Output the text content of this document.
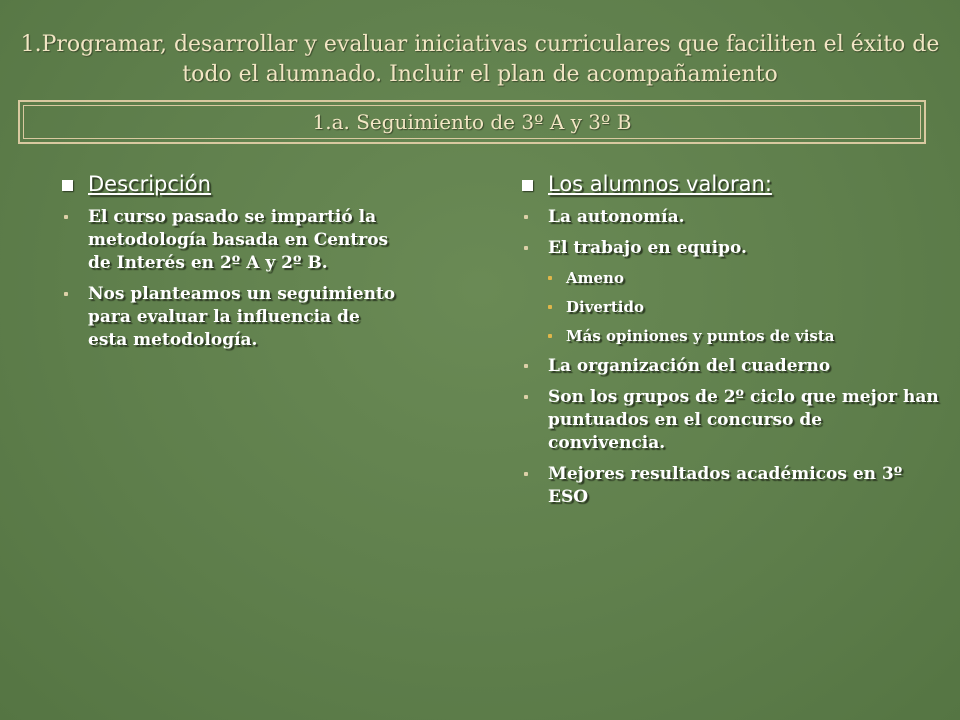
1.Programar, desarrollar y evaluar iniciativas curriculares que faciliten el éxito de todo el alumnado. Incluir el plan de acompañamiento
1.a. Seguimiento de 3º A y 3º B
Descripción
El curso pasado se impartió la metodología basada en Centros de Interés en 2º A y 2º B.
Nos planteamos un seguimiento para evaluar la influencia de esta metodología.
Los alumnos valoran:
La autonomía.
El trabajo en equipo.
Ameno
Divertido
Más opiniones y puntos de vista
La organización del cuaderno
Son los grupos de 2º ciclo que mejor han puntuados en el concurso de convivencia.
Mejores resultados académicos en 3º ESO
